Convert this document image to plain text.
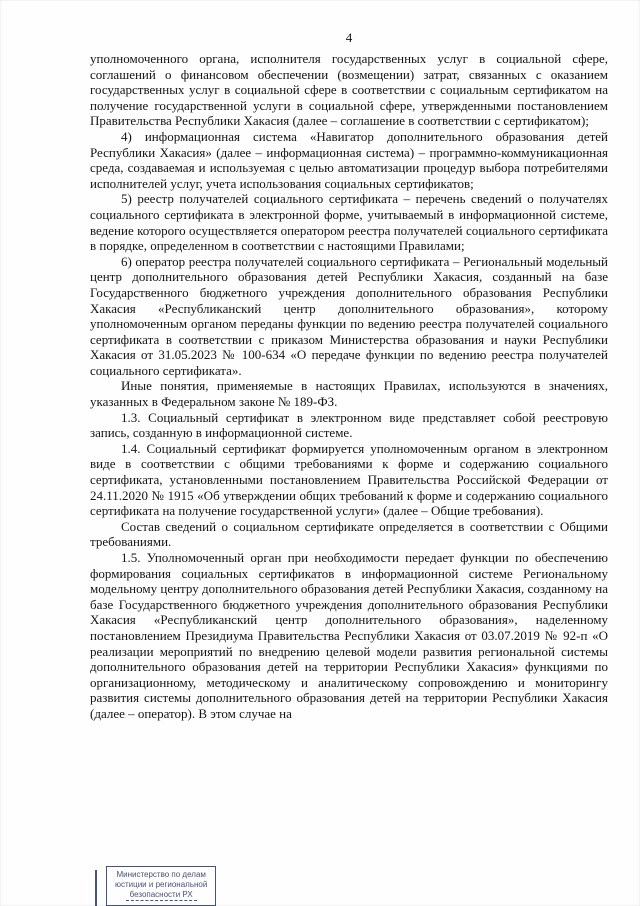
4

уполномоченного органа, исполнителя государственных услуг в социальной сфере, соглашений о финансовом обеспечении (возмещении) затрат, связанных с оказанием государственных услуг в социальной сфере в соответствии с социальным сертификатом на получение государственной услуги в социальной сфере, утвержденными постановлением Правительства Республики Хакасия (далее – соглашение в соответствии с сертификатом);

4) информационная система «Навигатор дополнительного образования детей Республики Хакасия» (далее – информационная система) – программно-коммуникационная среда, создаваемая и используемая с целью автоматизации процедур выбора потребителями исполнителей услуг, учета использования социальных сертификатов;

5) реестр получателей социального сертификата – перечень сведений о получателях социального сертификата в электронной форме, учитываемый в информационной системе, ведение которого осуществляется оператором реестра получателей социального сертификата в порядке, определенном в соответствии с настоящими Правилами;

6) оператор реестра получателей социального сертификата – Региональный модельный центр дополнительного образования детей Республики Хакасия, созданный на базе Государственного бюджетного учреждения дополнительного образования Республики Хакасия «Республиканский центр дополнительного образования», которому уполномоченным органом переданы функции по ведению реестра получателей социального сертификата в соответствии с приказом Министерства образования и науки Республики Хакасия от 31.05.2023 № 100-634 «О передаче функции по ведению реестра получателей социального сертификата».

Иные понятия, применяемые в настоящих Правилах, используются в значениях, указанных в Федеральном законе № 189-ФЗ.

1.3. Социальный сертификат в электронном виде представляет собой реестровую запись, созданную в информационной системе.

1.4. Социальный сертификат формируется уполномоченным органом в электронном виде в соответствии с общими требованиями к форме и содержанию социального сертификата, установленными постановлением Правительства Российской Федерации от 24.11.2020 № 1915 «Об утверждении общих требований к форме и содержанию социального сертификата на получение государственной услуги» (далее – Общие требования).

Состав сведений о социальном сертификате определяется в соответствии с Общими требованиями.

1.5. Уполномоченный орган при необходимости передает функции по обеспечению формирования социальных сертификатов в информационной системе Региональному модельному центру дополнительного образования детей Республики Хакасия, созданному на базе Государственного бюджетного учреждения дополнительного образования Республики Хакасия «Республиканский центр дополнительного образования», наделенному постановлением Президиума Правительства Республики Хакасия от 03.07.2019 № 92-п «О реализации мероприятий по внедрению целевой модели развития региональной системы дополнительного образования детей на территории Республики Хакасия» функциями по организационному, методическому и аналитическому сопровождению и мониторингу развития системы дополнительного образования детей на территории Республики Хакасия (далее – оператор). В этом случае на

Министерство по делам
юстиции и региональной
безопасности РХ
